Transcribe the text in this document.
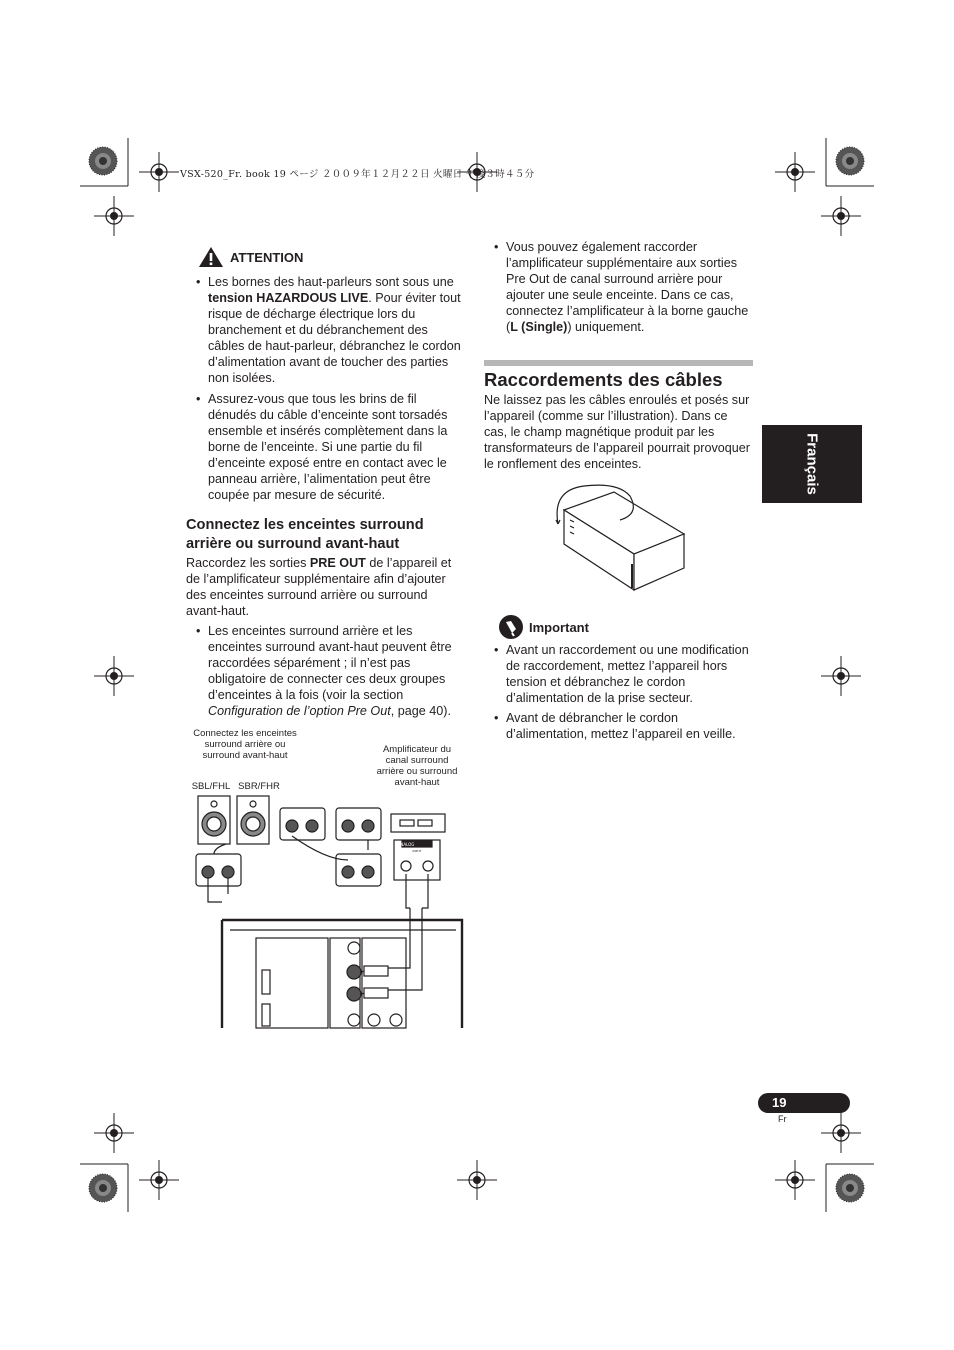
VSX-520_Fr. book 19 ページ ２００９年１２月２２日 火曜日 午後３時４５分
ATTENTION
• Les bornes des haut-parleurs sont sous une tension HAZARDOUS LIVE. Pour éviter tout risque de décharge électrique lors du branchement et du débranchement des câbles de haut-parleur, débranchez le cordon d’alimentation avant de toucher des parties non isolées.
• Assurez-vous que tous les brins de fil dénudés du câble d’enceinte sont torsadés ensemble et insérés complètement dans la borne de l’enceinte. Si une partie du fil d’enceinte exposé entre en contact avec le panneau arrière, l’alimentation peut être coupée par mesure de sécurité.
Connectez les enceintes surround arrière ou surround avant-haut
Raccordez les sorties PRE OUT de l’appareil et de l’amplificateur supplémentaire afin d’ajouter des enceintes surround arrière ou surround avant-haut.
• Les enceintes surround arrière et les enceintes surround avant-haut peuvent être raccordées séparément ; il n’est pas obligatoire de connecter ces deux groupes d’enceintes à la fois (voir la section Configuration de l’option Pre Out, page 40).
Connectez les enceintes surround arrière ou surround avant-haut
Amplificateur du canal surround arrière ou surround avant-haut
SBL/FHL SBR/FHR
ANALOG
INPUT
• Vous pouvez également raccorder l’amplificateur supplémentaire aux sorties Pre Out de canal surround arrière pour ajouter une seule enceinte. Dans ce cas, connectez l’amplificateur à la borne gauche (L (Single)) uniquement.
Raccordements des câbles
Ne laissez pas les câbles enroulés et posés sur l’appareil (comme sur l’illustration). Dans ce cas, le champ magnétique produit par les transformateurs de l’appareil pourrait provoquer le ronflement des enceintes.
Important
• Avant un raccordement ou une modification de raccordement, mettez l’appareil hors tension et débranchez le cordon d’alimentation de la prise secteur.
• Avant de débrancher le cordon d’alimentation, mettez l’appareil en veille.
Français
19
Fr
